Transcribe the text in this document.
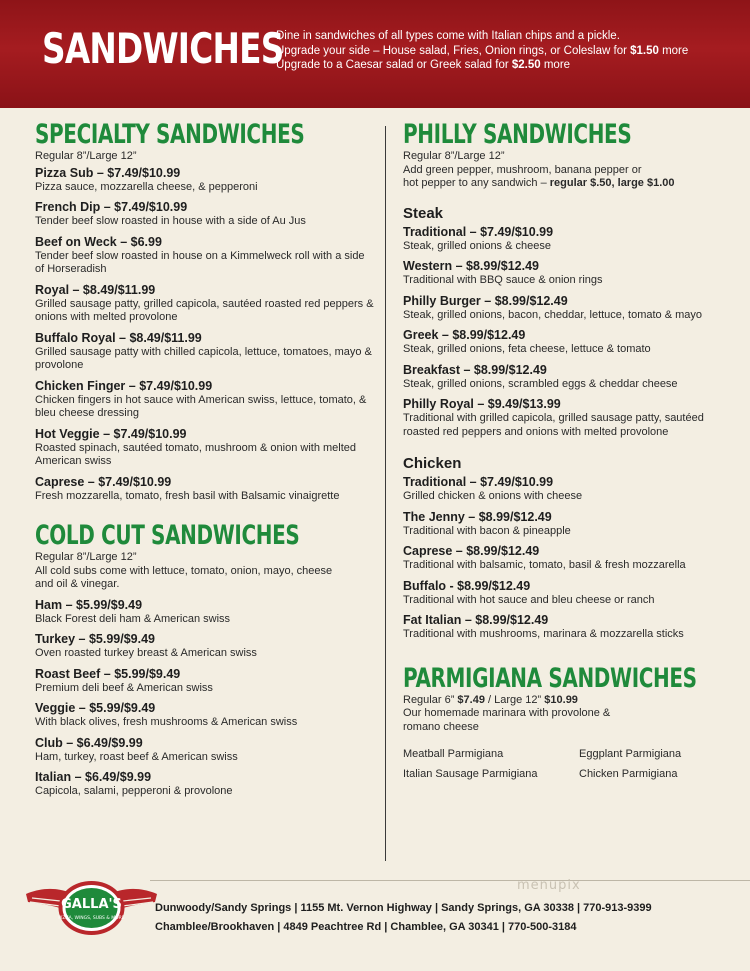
SANDWICHES
Dine in sandwiches of all types come with Italian chips and a pickle.
Upgrade your side – House salad, Fries, Onion rings, or Coleslaw for $1.50 more
Upgrade to a Caesar salad or Greek salad for $2.50 more
SPECIALTY SANDWICHES
Regular 8”/Large 12”
Pizza Sub – $7.49/$10.99
Pizza sauce, mozzarella cheese, & pepperoni
French Dip – $7.49/$10.99
Tender beef slow roasted in house with a side of Au Jus
Beef on Weck – $6.99
Tender beef slow roasted in house on a Kimmelweck roll with a side of Horseradish
Royal – $8.49/$11.99
Grilled sausage patty, grilled capicola, sautéed roasted red peppers & onions with melted provolone
Buffalo Royal – $8.49/$11.99
Grilled sausage patty with chilled capicola, lettuce, tomatoes, mayo & provolone
Chicken Finger – $7.49/$10.99
Chicken fingers in hot sauce with American swiss, lettuce, tomato, & bleu cheese dressing
Hot Veggie – $7.49/$10.99
Roasted spinach, sautéed tomato, mushroom & onion with melted American swiss
Caprese – $7.49/$10.99
Fresh mozzarella, tomato, fresh basil with Balsamic vinaigrette
COLD CUT SANDWICHES
Regular 8”/Large 12”
All cold subs come with lettuce, tomato, onion, mayo, cheese and oil & vinegar.
Ham – $5.99/$9.49
Black Forest deli ham & American swiss
Turkey – $5.99/$9.49
Oven roasted turkey breast & American swiss
Roast Beef – $5.99/$9.49
Premium deli beef & American swiss
Veggie – $5.99/$9.49
With black olives, fresh mushrooms & American swiss
Club – $6.49/$9.99
Ham, turkey, roast beef & American swiss
Italian – $6.49/$9.99
Capicola, salami, pepperoni & provolone
PHILLY SANDWICHES
Regular 8”/Large 12”
Add green pepper, mushroom, banana pepper or
hot pepper to any sandwich – regular $.50, large $1.00
Steak
Traditional – $7.49/$10.99
Steak, grilled onions & cheese
Western – $8.99/$12.49
Traditional with BBQ sauce & onion rings
Philly Burger – $8.99/$12.49
Steak, grilled onions, bacon, cheddar, lettuce, tomato & mayo
Greek – $8.99/$12.49
Steak, grilled onions, feta cheese, lettuce & tomato
Breakfast – $8.99/$12.49
Steak, grilled onions, scrambled eggs & cheddar cheese
Philly Royal – $9.49/$13.99
Traditional with grilled capicola, grilled sausage patty, sautéed roasted red peppers and onions with melted provolone
Chicken
Traditional – $7.49/$10.99
Grilled chicken & onions with cheese
The Jenny – $8.99/$12.49
Traditional with bacon & pineapple
Caprese – $8.99/$12.49
Traditional with balsamic, tomato, basil & fresh mozzarella
Buffalo - $8.99/$12.49
Traditional with hot sauce and bleu cheese or ranch
Fat Italian – $8.99/$12.49
Traditional with mushrooms, marinara & mozzarella sticks
PARMIGIANA SANDWICHES
Regular 6” $7.49 / Large 12” $10.99
Our homemade marinara with provolone & romano cheese
Meatball Parmigiana	Eggplant Parmigiana
Italian Sausage Parmigiana	Chicken Parmigiana
menupix
GALLA'S
PIZZA, WINGS, SUBS & MORE
Dunwoody/Sandy Springs | 1155 Mt. Vernon Highway | Sandy Springs, GA 30338 | 770-913-9399
Chamblee/Brookhaven | 4849 Peachtree Rd | Chamblee, GA 30341 | 770-500-3184
